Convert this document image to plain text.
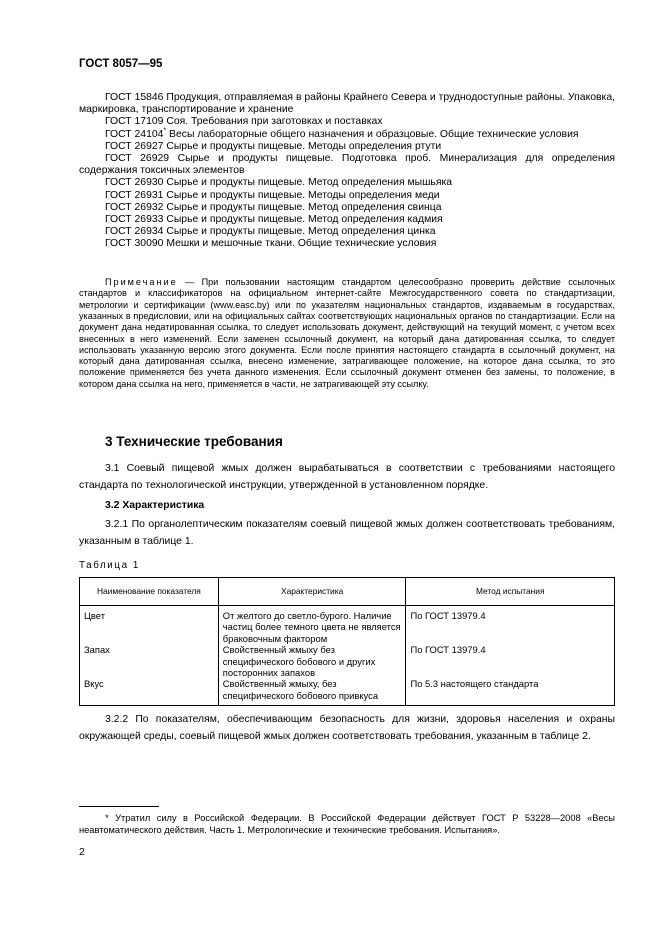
ГОСТ 8057—95

ГОСТ 15846 Продукция, отправляемая в районы Крайнего Севера и труднодоступные районы. Упаковка, маркировка, транспортирование и хранение

ГОСТ 17109 Соя. Требования при заготовках и поставках

ГОСТ 24104* Весы лабораторные общего назначения и образцовые. Общие технические условия

ГОСТ 26927 Сырье и продукты пищевые. Методы определения ртути

ГОСТ 26929 Сырье и продукты пищевые. Подготовка проб. Минерализация для определения содержания токсичных элементов

ГОСТ 26930 Сырье и продукты пищевые. Метод определения мышьяка

ГОСТ 26931 Сырье и продукты пищевые. Методы определения меди

ГОСТ 26932 Сырье и продукты пищевые. Метод определения свинца

ГОСТ 26933 Сырье и продукты пищевые. Метод определения кадмия

ГОСТ 26934 Сырье и продукты пищевые. Метод определения цинка

ГОСТ 30090 Мешки и мешочные ткани. Общие технические условия

Примечание — При пользовании настоящим стандартом целесообразно проверить действие ссылочных стандартов и классификаторов на официальном интернет-сайте Межгосударственного совета по стандартизации, метрологии и сертификации (www.easc.by) или по указателям национальных стандартов, издаваемым в государствах, указанных в предисловии, или на официальных сайтах соответствующих национальных органов по стандартизации. Если на документ дана недатированная ссылка, то следует использовать документ, действующий на текущий момент, с учетом всех внесенных в него изменений. Если заменен ссылочный документ, на который дана датированная ссылка, то следует использовать указанную версию этого документа. Если после принятия настоящего стандарта в ссылочный документ, на который дана датированная ссылка, внесено изменение, затрагивающее положение, на которое дана ссылка, то это положение применяется без учета данного изменения. Если ссылочный документ отменен без замены, то положение, в котором дана ссылка на него, применяется в части, не затрагивающей эту ссылку.

3 Технические требования

3.1 Соевый пищевой жмых должен вырабатываться в соответствии с требованиями настоящего стандарта по технологической инструкции, утвержденной в установленном порядке.

3.2 Характеристика

3.2.1 По органолептическим показателям соевый пищевой жмых должен соответствовать требованиям, указанным в таблице 1.

Таблица 1
Наименование показателя	Характеристика	Метод испытания
Цвет	От желтого до светло-бурого. Наличие частиц более темного цвета не является браковочным фактором	По ГОСТ 13979.4
Запах	Свойственный жмыху без специфического бобового и других посторонних запахов	По ГОСТ 13979.4
Вкус	Свойственный жмыху, без специфического бобового привкуса	По 5.3 настоящего стандарта

3.2.2 По показателям, обеспечивающим безопасность для жизни, здоровья населения и охраны окружающей среды, соевый пищевой жмых должен соответствовать требования, указанным в таблице 2.

* Утратил силу в Российской Федерации. В Российской Федерации действует ГОСТ Р 53228—2008 «Весы неавтоматического действия. Часть 1. Метрологические и технические требования. Испытания».

2
